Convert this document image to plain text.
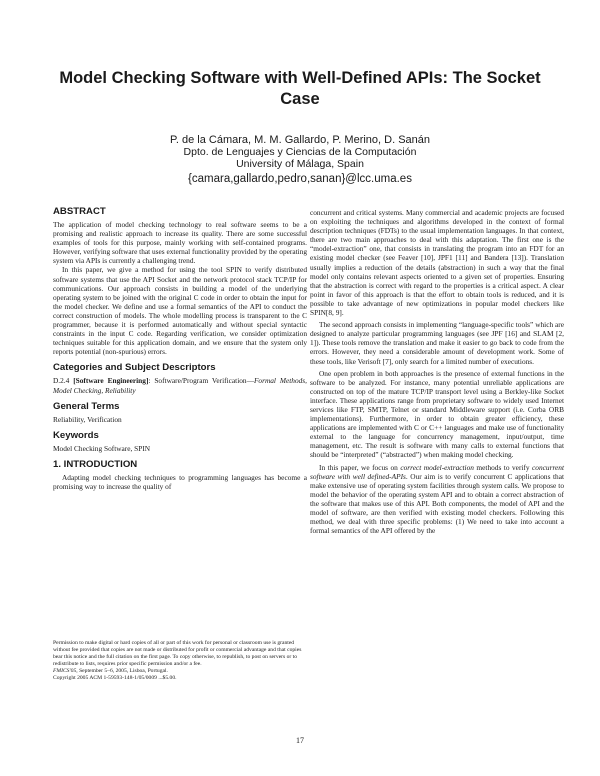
Model Checking Software with Well-Defined APIs: The Socket Case
P. de la Cámara, M. M. Gallardo, P. Merino, D. Sanán
Dpto. de Lenguajes y Ciencias de la Computación
University of Málaga, Spain
{camara,gallardo,pedro,sanan}@lcc.uma.es
ABSTRACT

The application of model checking technology to real software seems to be a promising and realistic approach to increase its quality. There are some successful examples of tools for this purpose, mainly working with self-contained programs. However, verifying software that uses external functionality provided by the operating system via APIs is currently a challenging trend.

In this paper, we give a method for using the tool SPIN to verify distributed software systems that use the API Socket and the network protocol stack TCP/IP for communications. Our approach consists in building a model of the underlying operating system to be joined with the original C code in order to obtain the input for the model checker. We define and use a formal semantics of the API to conduct the correct construction of models. The whole modelling process is transparent to the C programmer, because it is performed automatically and without special syntactic constraints in the input C code. Regarding verification, we consider optimization techniques suitable for this application domain, and we ensure that the system only reports potential (non-spurious) errors.

Categories and Subject Descriptors

D.2.4 [Software Engineering]: Software/Program Verification—Formal Methods, Model Checking, Reliability

General Terms

Reliability, Verification

Keywords

Model Checking Software, SPIN

1. INTRODUCTION

Adapting model checking techniques to programming languages has become a promising way to increase the quality of

Permission to make digital or hard copies of all or part of this work for personal or classroom use is granted without fee provided that copies are not made or distributed for profit or commercial advantage and that copies bear this notice and the full citation on the first page. To copy otherwise, to republish, to post on servers or to redistribute to lists, requires prior specific permission and/or a fee.

FMICS'05, September 5–6, 2005, Lisboa, Portugal.

Copyright 2005 ACM 1-59593-148-1/05/0009 ...$5.00.

concurrent and critical systems. Many commercial and academic projects are focused on exploiting the techniques and algorithms developed in the context of formal description techniques (FDTs) to the usual implementation languages. In that context, there are two main approaches to deal with this adaptation. The first one is the “model-extraction” one, that consists in translating the program into an FDT for an existing model checker (see Feaver [10], JPF1 [11] and Bandera [13]). Translation usually implies a reduction of the details (abstraction) in such a way that the final model only contains relevant aspects oriented to a given set of properties. Ensuring that the abstraction is correct with regard to the properties is a critical aspect. A clear point in favor of this approach is that the effort to obtain tools is reduced, and it is possible to take advantage of new optimizations in popular model checkers like SPIN[8, 9].

The second approach consists in implementing “language-specific tools” which are designed to analyze particular programming languages (see JPF [16] and SLAM [2, 1]). These tools remove the translation and make it easier to go back to code from the errors. However, they need a considerable amount of development work. Some of these tools, like Verisoft [7], only search for a limited number of executions.

One open problem in both approaches is the presence of external functions in the software to be analyzed. For instance, many potential unreliable applications are constructed on top of the mature TCP/IP transport level using a Berkley-like Socket interface. These applications range from proprietary software to widely used Internet services like FTP, SMTP, Telnet or standard Middleware support (i.e. Corba ORB implementations). Furthermore, in order to obtain greater efficiency, these applications are implemented with C or C++ languages and make use of functionality external to the language for concurrency management, input/output, time management, etc. The result is software with many calls to external functions that should be “interpreted” (“abstracted”) when making model checking.

In this paper, we focus on correct model-extraction methods to verify concurrent software with well defined-APIs. Our aim is to verify concurrent C applications that make extensive use of operating system facilities through system calls. We propose to model the behavior of the operating system API and to obtain a correct abstraction of the software that makes use of this API. Both components, the model of API and the model of software, are then verified with existing model checkers. Following this method, we deal with three specific problems: (1) We need to take into account a formal semantics of the API offered by the

17
